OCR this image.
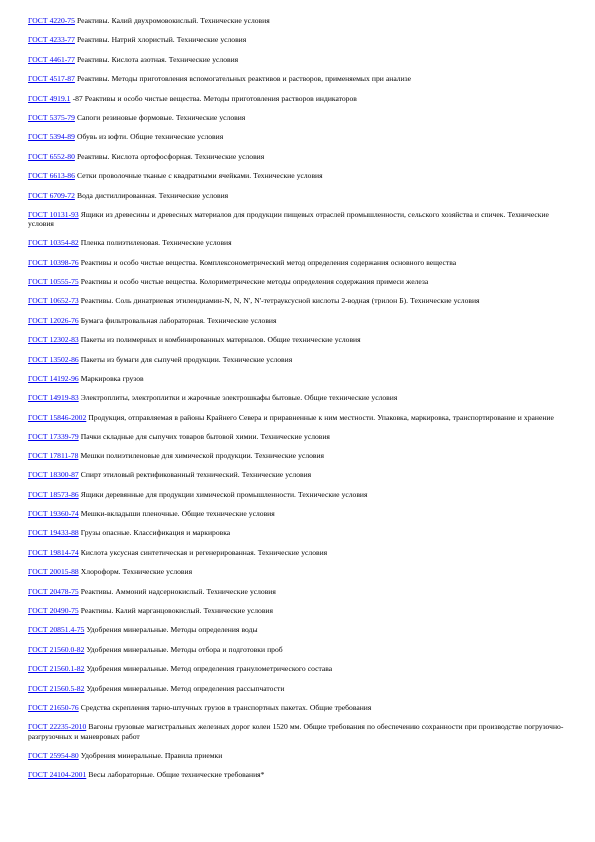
ГОСТ 4220-75 Реактивы. Калий двухромовокислый. Технические условия
ГОСТ 4233-77 Реактивы. Натрий хлористый. Технические условия
ГОСТ 4461-77 Реактивы. Кислота азотная. Технические условия
ГОСТ 4517-87 Реактивы. Методы приготовления вспомогательных реактивов и растворов, применяемых при анализе
ГОСТ 4919.1 -87 Реактивы и особо чистые вещества. Методы приготовления растворов индикаторов
ГОСТ 5375-79 Сапоги резиновые формовые. Технические условия
ГОСТ 5394-89 Обувь из юфти. Общие технические условия
ГОСТ 6552-80 Реактивы. Кислота ортофосфорная. Технические условия
ГОСТ 6613-86 Сетки проволочные тканые с квадратными ячейками. Технические условия
ГОСТ 6709-72 Вода дистиллированная. Технические условия
ГОСТ 10131-93 Ящики из древесины и древесных материалов для продукции пищевых отраслей промышленности, сельского хозяйства и спичек. Технические условия
ГОСТ 10354-82 Пленка полиэтиленовая. Технические условия
ГОСТ 10398-76 Реактивы и особо чистые вещества. Комплексонометрический метод определения содержания основного вещества
ГОСТ 10555-75 Реактивы и особо чистые вещества. Колориметрические методы определения содержания примеси железа
ГОСТ 10652-73 Реактивы. Соль динатриевая этилендиамин-N, N, N', N'-тетрауксусной кислоты 2-водная (трилон Б). Технические условия
ГОСТ 12026-76 Бумага фильтровальная лабораторная. Технические условия
ГОСТ 12302-83 Пакеты из полимерных и комбинированных материалов. Общие технические условия
ГОСТ 13502-86 Пакеты из бумаги для сыпучей продукции. Технические условия
ГОСТ 14192-96 Маркировка грузов
ГОСТ 14919-83 Электроплиты, электроплитки и жарочные электрошкафы бытовые. Общие технические условия
ГОСТ 15846-2002 Продукция, отправляемая в районы Крайнего Севера и приравненные к ним местности. Упаковка, маркировка, транспортирование и хранение
ГОСТ 17339-79 Пачки складные для сыпучих товаров бытовой химии. Технические условия
ГОСТ 17811-78 Мешки полиэтиленовые для химической продукции. Технические условия
ГОСТ 18300-87 Спирт этиловый ректификованный технический. Технические условия
ГОСТ 18573-86 Ящики деревянные для продукции химической промышленности. Технические условия
ГОСТ 19360-74 Мешки-вкладыши пленочные. Общие технические условия
ГОСТ 19433-88 Грузы опасные. Классификация и маркировка
ГОСТ 19814-74 Кислота уксусная синтетическая и регенерированная. Технические условия
ГОСТ 20015-88 Хлороформ. Технические условия
ГОСТ 20478-75 Реактивы. Аммоний надсернокислый. Технические условия
ГОСТ 20490-75 Реактивы. Калий марганцовокислый. Технические условия
ГОСТ 20851.4-75 Удобрения минеральные. Методы определения воды
ГОСТ 21560.0-82 Удобрения минеральные. Методы отбора и подготовки проб
ГОСТ 21560.1-82 Удобрения минеральные. Метод определения гранулометрического состава
ГОСТ 21560.5-82 Удобрения минеральные. Метод определения рассыпчатости
ГОСТ 21650-76 Средства скрепления тарно-штучных грузов в транспортных пакетах. Общие требования
ГОСТ 22235-2010 Вагоны грузовые магистральных железных дорог колеи 1520 мм. Общие требования по обеспечению сохранности при производстве погрузочно-разгрузочных и маневровых работ
ГОСТ 25954-80 Удобрения минеральные. Правила приемки
ГОСТ 24104-2001 Весы лабораторные. Общие технические требования*
